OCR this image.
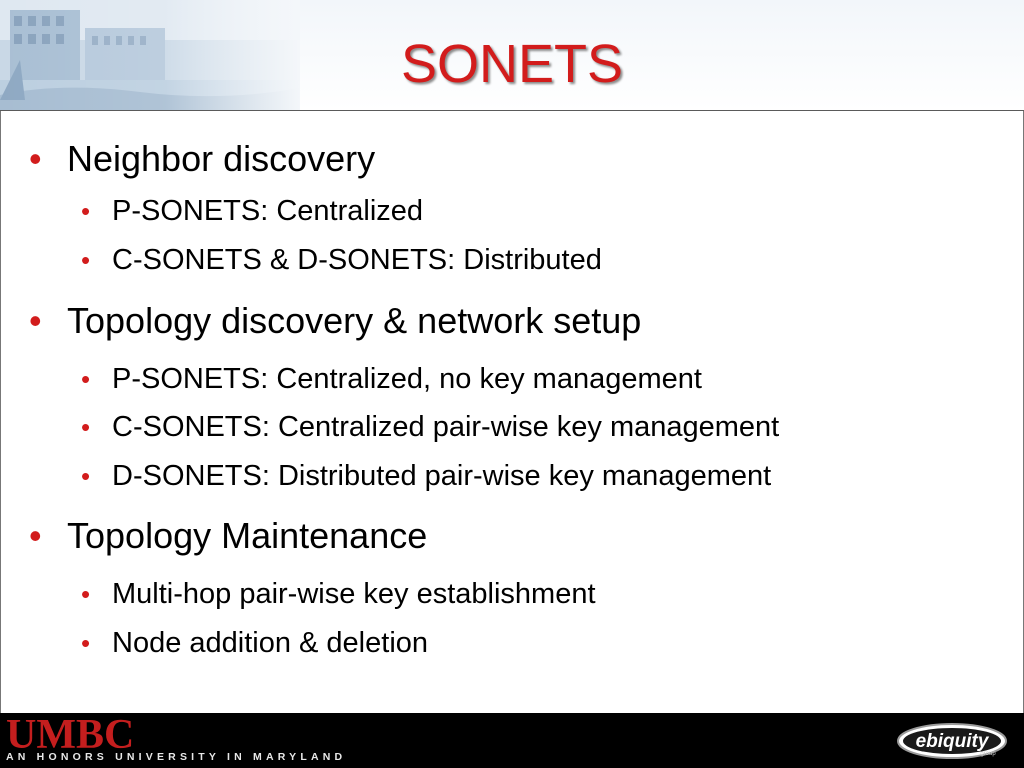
SONETS
• Neighbor discovery
• P-SONETS: Centralized
• C-SONETS & D-SONETS: Distributed
• Topology discovery & network setup
• P-SONETS: Centralized, no key management
• C-SONETS: Centralized pair-wise key management
• D-SONETS: Distributed pair-wise key management
• Topology Maintenance
• Multi-hop pair-wise key establishment
• Node addition & deletion
UMBC
AN HONORS UNIVERSITY IN MARYLAND
ebiquity
group
